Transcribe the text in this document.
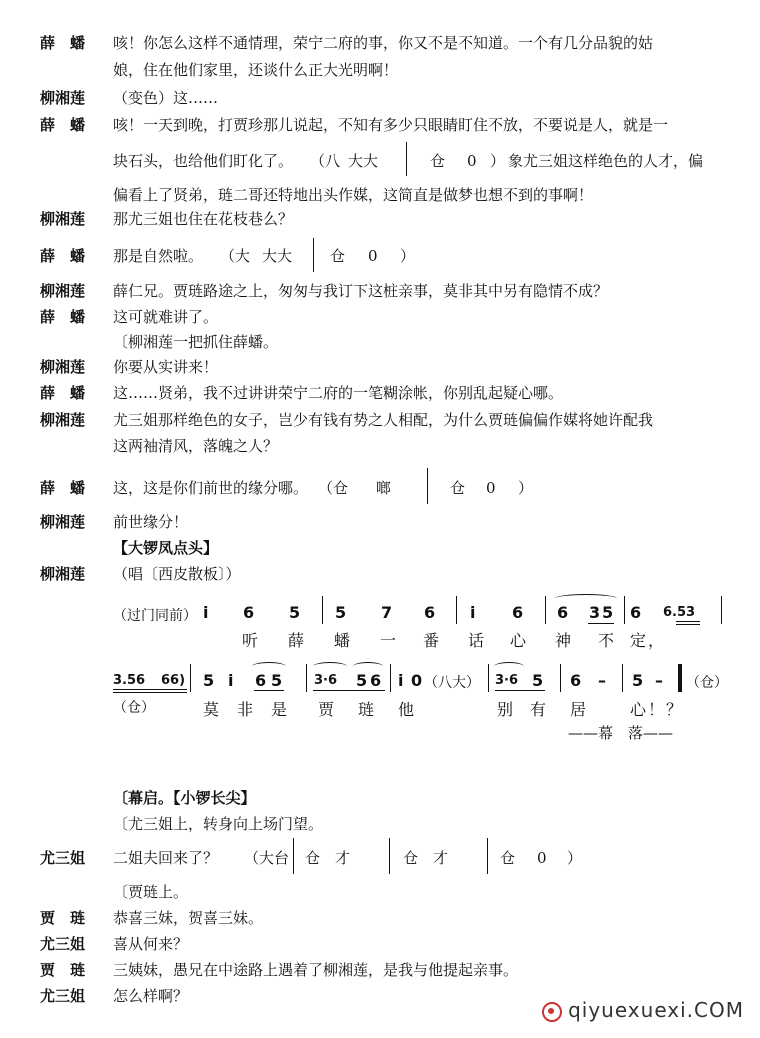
薛　蟠 咳！你怎么这样不通情理，荣宁二府的事，你又不是不知道。一个有几分品貌的姑
娘，住在他们家里，还谈什么正大光明啊！
柳湘莲 （变色）这……
薛　蟠 咳！一天到晚，打贾珍那儿说起，不知有多少只眼睛盯住不放，不要说是人，就是一
块石头，也给他们盯化了。 （八 大大	仓 0 ） 象尤三姐这样绝色的人才，偏
偏看上了贤弟，琏二哥还特地出头作媒，这简直是做梦也想不到的事啊！
柳湘莲 那尤三姐也住在花枝巷么？
薛　蟠 那是自然啦。 （大 大大	仓 0 ）
柳湘莲 薛仁兄。贾琏路途之上，匆匆与我订下这桩亲事，莫非其中另有隐情不成？
薛　蟠 这可就难讲了。
〔柳湘莲一把抓住薛蟠。
柳湘莲 你要从实讲来！
薛　蟠 这……贤弟，我不过讲讲荣宁二府的一笔糊涂帐，你别乱起疑心哪。
柳湘莲 尤三姐那样绝色的女子，岂少有钱有势之人相配，为什么贾琏偏偏作媒将她许配我
这两袖清风，落魄之人？
薛　蟠 这，这是你们前世的缘分哪。 （仓 啷	仓 0 ）
柳湘莲 前世缘分！
【大锣凤点头】
柳湘莲 （唱〔西皮散板〕）
（过门同前） i 6 5 5 7 6 i 6 6 3 5 6 6.53
听 薛 蟠 一 番 话 心 神 不 定，
3.56 66) 5 i 6 5 3·6 5 6 i 0 （八大） 3·6 5 6 – 5 – （仓）
（仓）	莫 非 是 贾 琏 他	别 有 居	心！？
——幕　落——
〔幕启。【小锣长尖】
〔尤三姐上，转身向上场门望。
尤三姐 二姐夫回来了？ （大台 仓　才	仓　才	仓 0 ）
〔贾琏上。
贾　琏 恭喜三妹，贺喜三妹。
尤三姐 喜从何来？
贾　琏 三姨妹，愚兄在中途路上遇着了柳湘莲，是我与他提起亲事。
尤三姐 怎么样啊？
qiyuexuexi.COM
